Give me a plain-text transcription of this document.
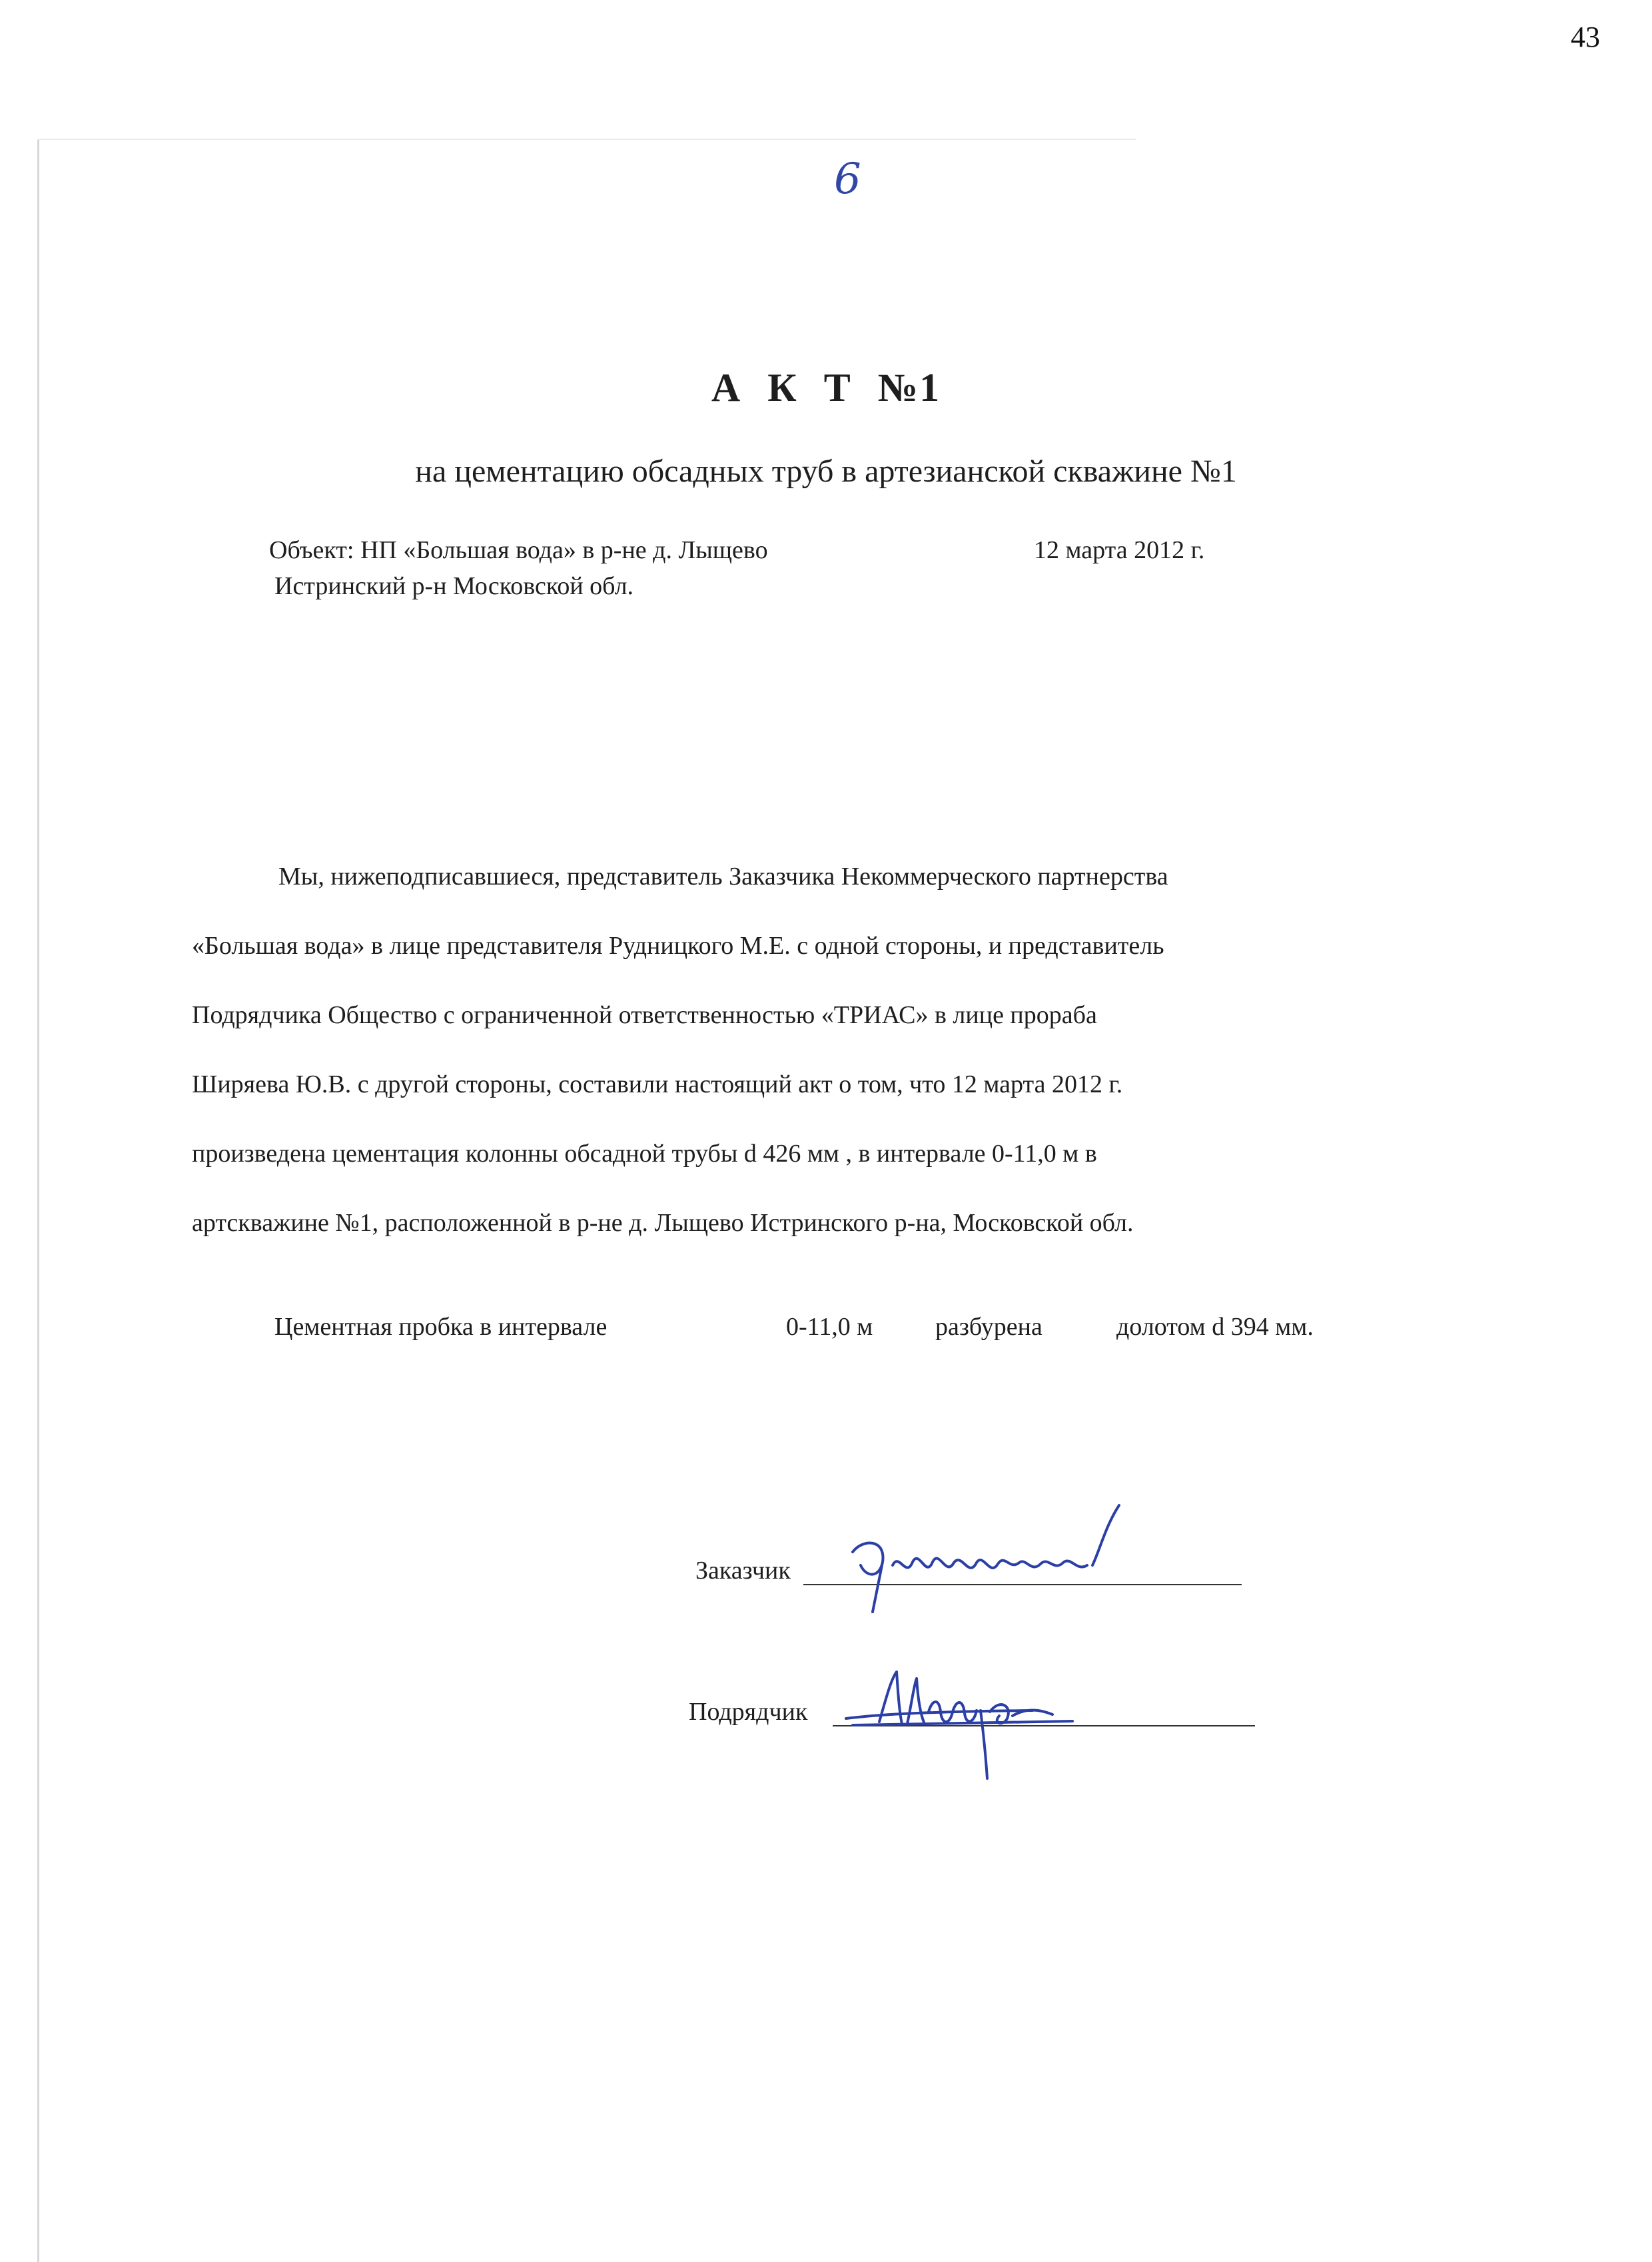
43
6
А К Т №1
на цементацию обсадных труб в артезианской скважине №1
Объект: НП «Большая вода» в р-не д. Лыщево
Истринский р-н Московской обл.
12 марта 2012 г.
Мы, нижеподписавшиеся, представитель Заказчика Некоммерческого партнерства
«Большая вода» в лице представителя Рудницкого М.Е. с одной стороны, и представитель
Подрядчика Общество с ограниченной ответственностью «ТРИАС» в лице прораба
Ширяева Ю.В. с другой стороны, составили настоящий акт о том, что 12 марта 2012 г.
произведена цементация колонны обсадной трубы d 426 мм , в интервале 0-11,0 м в
артскважине №1, расположенной в р-не д. Лыщево Истринского р-на, Московской обл.
Цементная пробка в интервале	0-11,0 м разбурена	долотом d 394 мм.
Заказчик
Подрядчик
